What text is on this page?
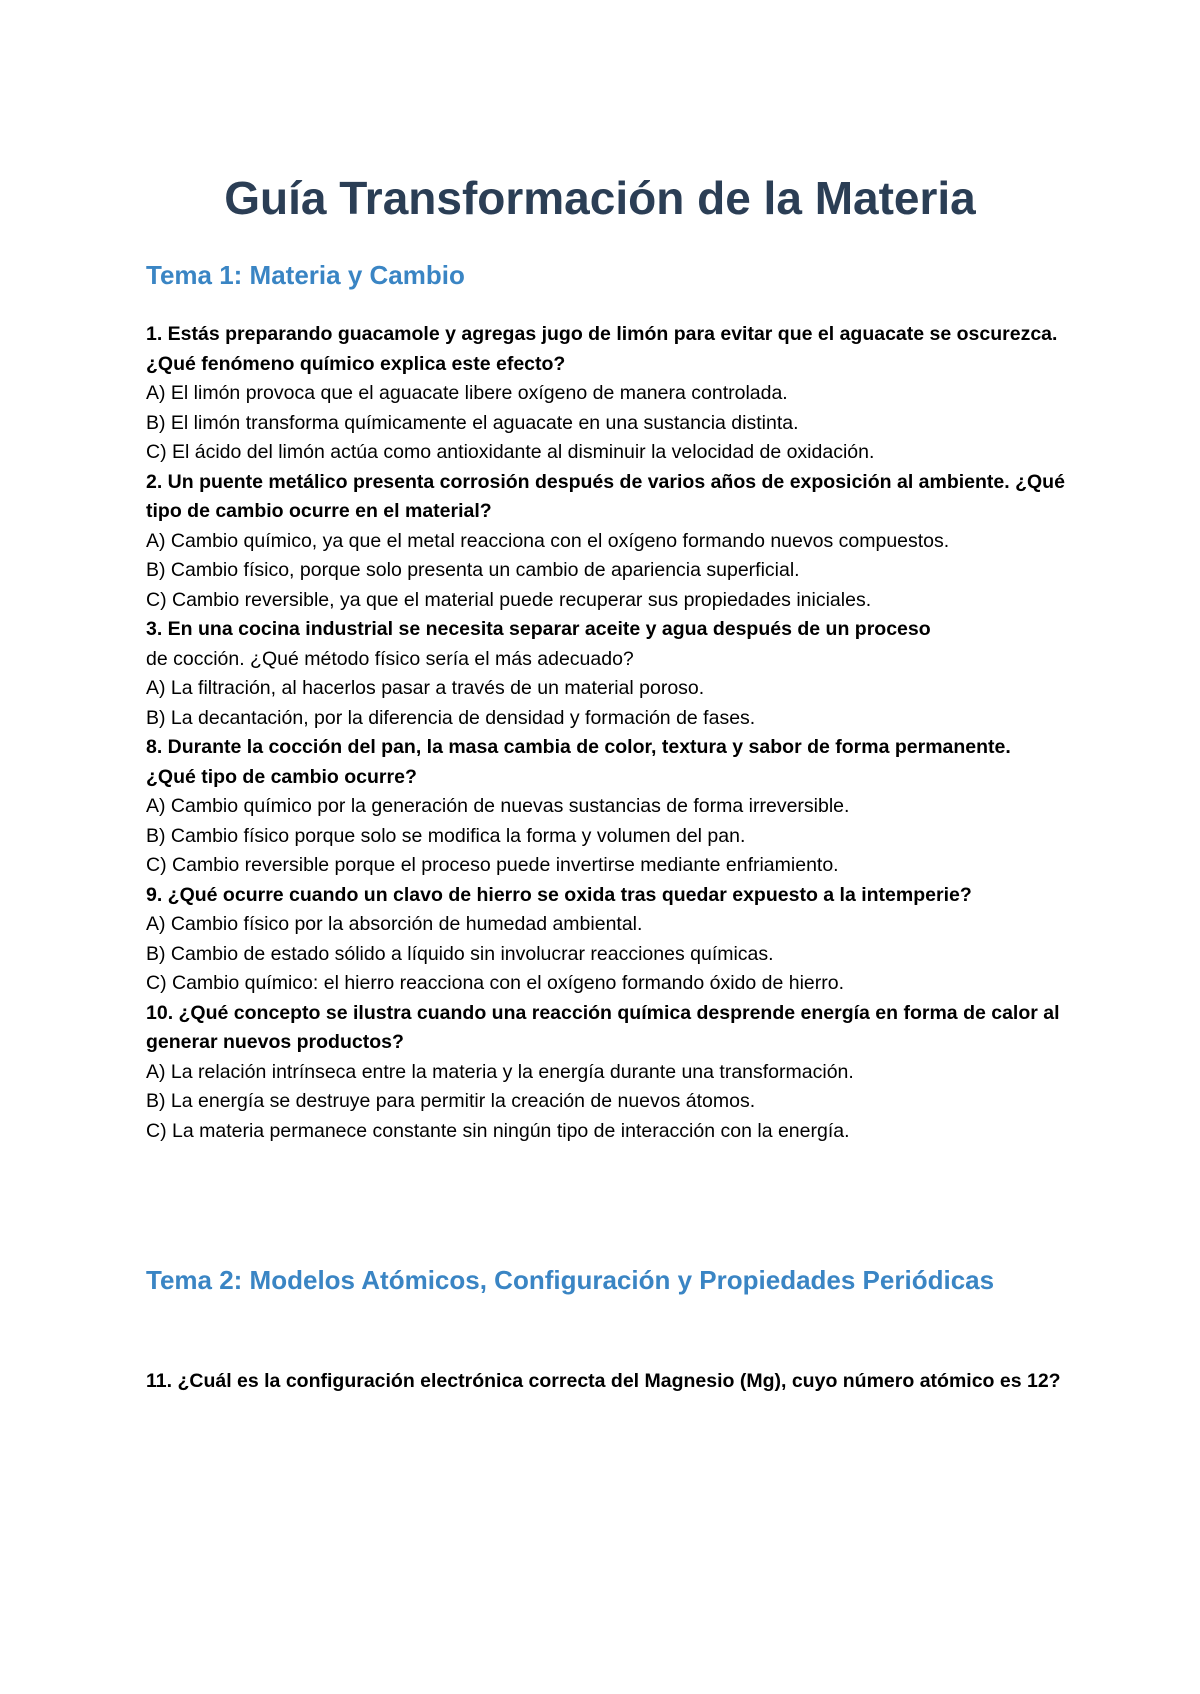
Guía Transformación de la Materia
Tema 1: Materia y Cambio

1. Estás preparando guacamole y agregas jugo de limón para evitar que el aguacate se oscurezca. ¿Qué fenómeno químico explica este efecto?

A) El limón provoca que el aguacate libere oxígeno de manera controlada.

B) El limón transforma químicamente el aguacate en una sustancia distinta.

C) El ácido del limón actúa como antioxidante al disminuir la velocidad de oxidación.

2. Un puente metálico presenta corrosión después de varios años de exposición al ambiente. ¿Qué tipo de cambio ocurre en el material?

A) Cambio químico, ya que el metal reacciona con el oxígeno formando nuevos compuestos.

B) Cambio físico, porque solo presenta un cambio de apariencia superficial.

C) Cambio reversible, ya que el material puede recuperar sus propiedades iniciales.

3. En una cocina industrial se necesita separar aceite y agua después de un proceso

de cocción. ¿Qué método físico sería el más adecuado?

A) La filtración, al hacerlos pasar a través de un material poroso.

B) La decantación, por la diferencia de densidad y formación de fases.

8. Durante la cocción del pan, la masa cambia de color, textura y sabor de forma permanente. ¿Qué tipo de cambio ocurre?

A) Cambio químico por la generación de nuevas sustancias de forma irreversible.

B) Cambio físico porque solo se modifica la forma y volumen del pan.

C) Cambio reversible porque el proceso puede invertirse mediante enfriamiento.

9. ¿Qué ocurre cuando un clavo de hierro se oxida tras quedar expuesto a la intemperie?

A) Cambio físico por la absorción de humedad ambiental.

B) Cambio de estado sólido a líquido sin involucrar reacciones químicas.

C) Cambio químico: el hierro reacciona con el oxígeno formando óxido de hierro.

10. ¿Qué concepto se ilustra cuando una reacción química desprende energía en forma de calor al generar nuevos productos?

A) La relación intrínseca entre la materia y la energía durante una transformación.

B) La energía se destruye para permitir la creación de nuevos átomos.

C) La materia permanece constante sin ningún tipo de interacción con la energía.

Tema 2: Modelos Atómicos, Configuración y Propiedades Periódicas

11. ¿Cuál es la configuración electrónica correcta del Magnesio (Mg), cuyo número atómico es 12?
